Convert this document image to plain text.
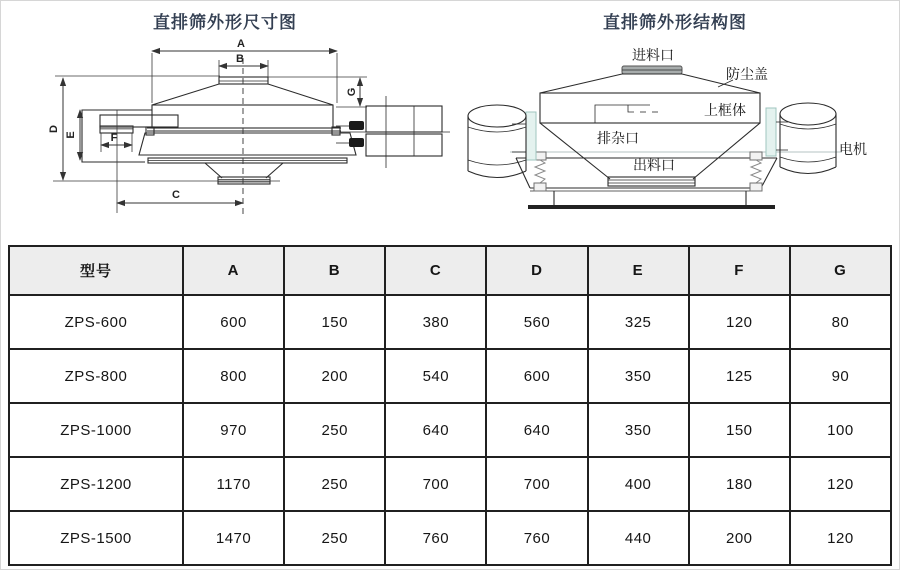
直排筛外形尺寸图
A
B
G
D
E	F
C
直排筛外形结构图
进料口
防尘盖
上框体
排杂口
出料口
电机
型号	A	B	C	D	E	F	G
ZPS-600	600	150	380	560	325	120	80
ZPS-800	800	200	540	600	350	125	90
ZPS-1000	970	250	640	640	350	150	100
ZPS-1200	1170	250	700	700	400	180	120
ZPS-1500	1470	250	760	760	440	200	120
